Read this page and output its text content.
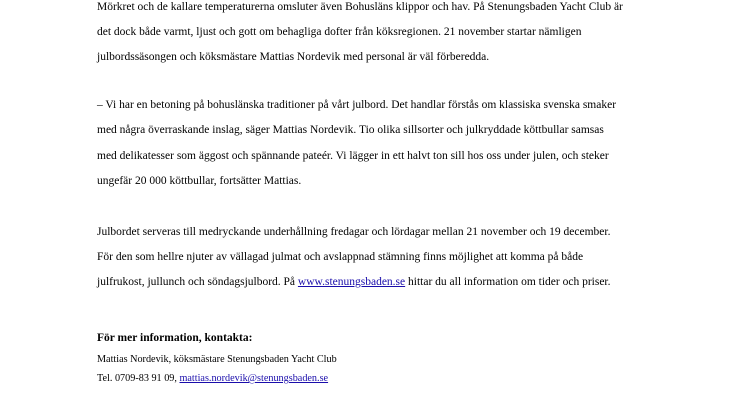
Mörkret och de kallare temperaturerna omsluter även Bohusläns klippor och hav. På Stenungsbaden Yacht Club är
det dock både varmt, ljust och gott om behagliga dofter från köksregionen. 21 november startar nämligen
julbordssäsongen och köksmästare Mattias Nordevik med personal är väl förberedda.
– Vi har en betoning på bohuslänska traditioner på vårt julbord. Det handlar förstås om klassiska svenska smaker
med några överraskande inslag, säger Mattias Nordevik. Tio olika sillsorter och julkryddade köttbullar samsas
med delikatesser som äggost och spännande pateér. Vi lägger in ett halvt ton sill hos oss under julen, och steker
ungefär 20 000 köttbullar, fortsätter Mattias.
Julbordet serveras till medryckande underhållning fredagar och lördagar mellan 21 november och 19 december.
För den som hellre njuter av vällagad julmat och avslappnad stämning finns möjlighet att komma på både
julfrukost, jullunch och söndagsjulbord. På www.stenungsbaden.se hittar du all information om tider och priser.
För mer information, kontakta:
Mattias Nordevik, köksmästare Stenungsbaden Yacht Club
Tel. 0709-83 91 09, mattias.nordevik@stenungsbaden.se
